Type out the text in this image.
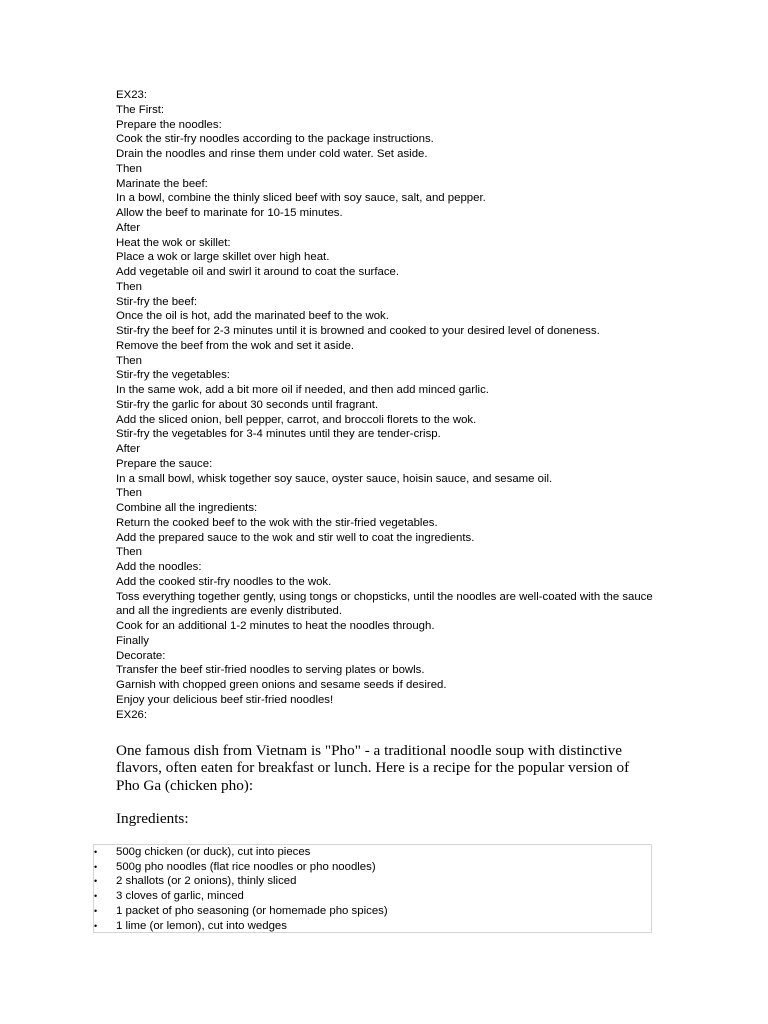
EX23:
The First:
Prepare the noodles:
Cook the stir-fry noodles according to the package instructions.
Drain the noodles and rinse them under cold water. Set aside.
Then
Marinate the beef:
In a bowl, combine the thinly sliced beef with soy sauce, salt, and pepper.
Allow the beef to marinate for 10-15 minutes.
After
Heat the wok or skillet:
Place a wok or large skillet over high heat.
Add vegetable oil and swirl it around to coat the surface.
Then
Stir-fry the beef:
Once the oil is hot, add the marinated beef to the wok.
Stir-fry the beef for 2-3 minutes until it is browned and cooked to your desired level of doneness.
Remove the beef from the wok and set it aside.
Then
Stir-fry the vegetables:
In the same wok, add a bit more oil if needed, and then add minced garlic.
Stir-fry the garlic for about 30 seconds until fragrant.
Add the sliced onion, bell pepper, carrot, and broccoli florets to the wok.
Stir-fry the vegetables for 3-4 minutes until they are tender-crisp.
After
Prepare the sauce:
In a small bowl, whisk together soy sauce, oyster sauce, hoisin sauce, and sesame oil.
Then
Combine all the ingredients:
Return the cooked beef to the wok with the stir-fried vegetables.
Add the prepared sauce to the wok and stir well to coat the ingredients.
Then
Add the noodles:
Add the cooked stir-fry noodles to the wok.
Toss everything together gently, using tongs or chopsticks, until the noodles are well-coated with the sauce and all the ingredients are evenly distributed.
Cook for an additional 1-2 minutes to heat the noodles through.
Finally
Decorate:
Transfer the beef stir-fried noodles to serving plates or bowls.
Garnish with chopped green onions and sesame seeds if desired.
Enjoy your delicious beef stir-fried noodles!
EX26:

One famous dish from Vietnam is "Pho" - a traditional noodle soup with distinctive flavors, often eaten for breakfast or lunch. Here is a recipe for the popular version of Pho Ga (chicken pho):

Ingredients:
• 500g chicken (or duck), cut into pieces
• 500g pho noodles (flat rice noodles or pho noodles)
• 2 shallots (or 2 onions), thinly sliced
• 3 cloves of garlic, minced
• 1 packet of pho seasoning (or homemade pho spices)
• 1 lime (or lemon), cut into wedges
